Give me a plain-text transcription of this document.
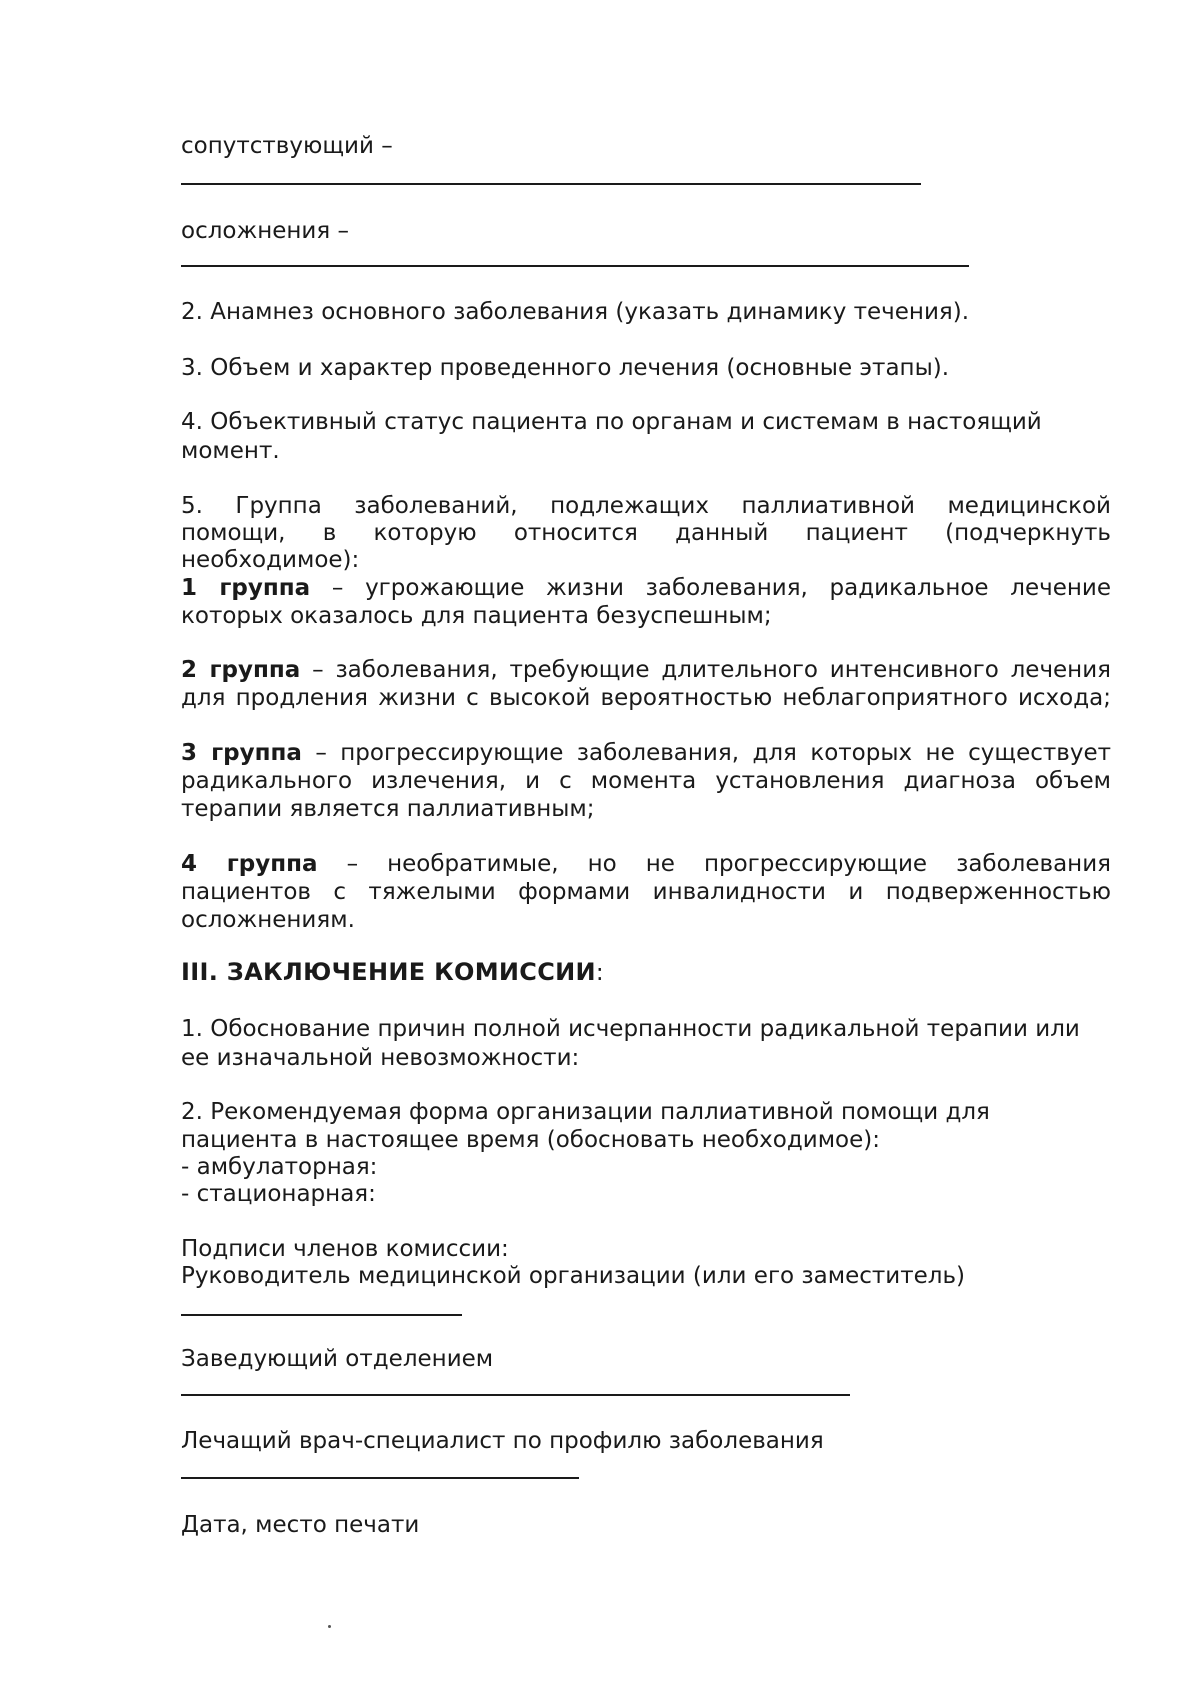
сопутствующий –
осложнения –
2. Анамнез основного заболевания (указать динамику течения).
3. Объем и характер проведенного лечения (основные этапы).
4. Объективный статус пациента по органам и системам в настоящий
момент.
5. Группа заболеваний, подлежащих паллиативной медицинской
помощи, в которую относится данный пациент (подчеркнуть
необходимое):
1 группа – угрожающие жизни заболевания, радикальное лечение
которых оказалось для пациента безуспешным;
2 группа – заболевания, требующие длительного интенсивного лечения
для продления жизни с высокой вероятностью неблагоприятного исхода;
3 группа – прогрессирующие заболевания, для которых не существует
радикального излечения, и с момента установления диагноза объем
терапии является паллиативным;
4 группа – необратимые, но не прогрессирующие заболевания
пациентов с тяжелыми формами инвалидности и подверженностью
осложнениям.
III. ЗАКЛЮЧЕНИЕ КОМИССИИ:
1. Обоснование причин полной исчерпанности радикальной терапии или
ее изначальной невозможности:
2. Рекомендуемая форма организации паллиативной помощи для
пациента в настоящее время (обосновать необходимое):
- амбулаторная:
- стационарная:
Подписи членов комиссии:
Руководитель медицинской организации (или его заместитель)
Заведующий отделением
Лечащий врач-специалист по профилю заболевания
Дата, место печати
